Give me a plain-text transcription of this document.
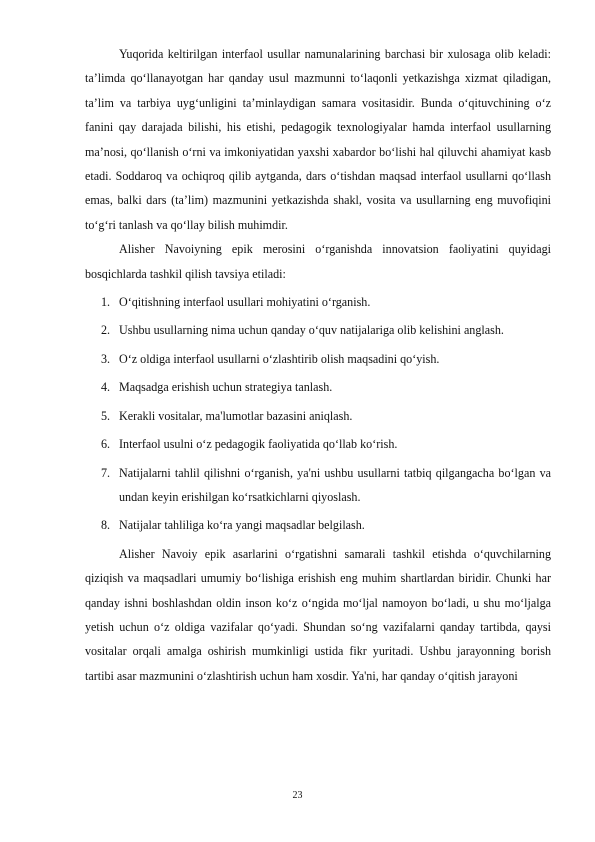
Yuqorida keltirilgan interfaol usullar namunalarining barchasi bir xulosaga olib keladi: ta’limda qo‘llanayotgan har qanday usul mazmunni to‘laqonli yetkazishga xizmat qiladigan, ta’lim va tarbiya uyg‘unligini ta’minlaydigan samara vositasidir. Bunda o‘qituvchining o‘z fanini qay darajada bilishi, his etishi, pedagogik texnologiyalar hamda interfaol usullarning ma’nosi, qo‘llanish o‘rni va imkoniyatidan yaxshi xabardor bo‘lishi hal qiluvchi ahamiyat kasb etadi. Soddaroq va ochiqroq qilib aytganda, dars o‘tishdan maqsad interfaol usullarni qo‘llash emas, balki dars (ta’lim) mazmunini yetkazishda shakl, vosita va usullarning eng muvofiqini to‘g‘ri tanlash va qo‘llay bilish muhimdir.

Alisher Navoiyning epik merosini o‘rganishda innovatsion faoliyatini quyidagi bosqichlarda tashkil qilish tavsiya etiladi:

1. O‘qitishning interfaol usullari mohiyatini o‘rganish.
2. Ushbu usullarning nima uchun qanday o‘quv natijalariga olib kelishini anglash.
3. O‘z oldiga interfaol usullarni o‘zlashtirib olish maqsadini qo‘yish.
4. Maqsadga erishish uchun strategiya tanlash.
5. Kerakli vositalar, ma'lumotlar bazasini aniqlash.
6. Interfaol usulni o‘z pedagogik faoliyatida qo‘llab ko‘rish.
7. Natijalarni tahlil qilishni o‘rganish, ya'ni ushbu usullarni tatbiq qilgangacha bo‘lgan va undan keyin erishilgan ko‘rsatkichlarni qiyoslash.
8. Natijalar tahliliga ko‘ra yangi maqsadlar belgilash.

Alisher Navoiy epik asarlarini o‘rgatishni samarali tashkil etishda o‘quvchilarning qiziqish va maqsadlari umumiy bo‘lishiga erishish eng muhim shartlardan biridir. Chunki har qanday ishni boshlashdan oldin inson ko‘z o‘ngida mo‘ljal namoyon bo‘ladi, u shu mo‘ljalga yetish uchun o‘z oldiga vazifalar qo‘yadi. Shundan so‘ng vazifalarni qanday tartibda, qaysi vositalar orqali amalga oshirish mumkinligi ustida fikr yuritadi. Ushbu jarayonning borish tartibi asar mazmunini o‘zlashtirish uchun ham xosdir. Ya'ni, har qanday o‘qitish jarayoni

23
